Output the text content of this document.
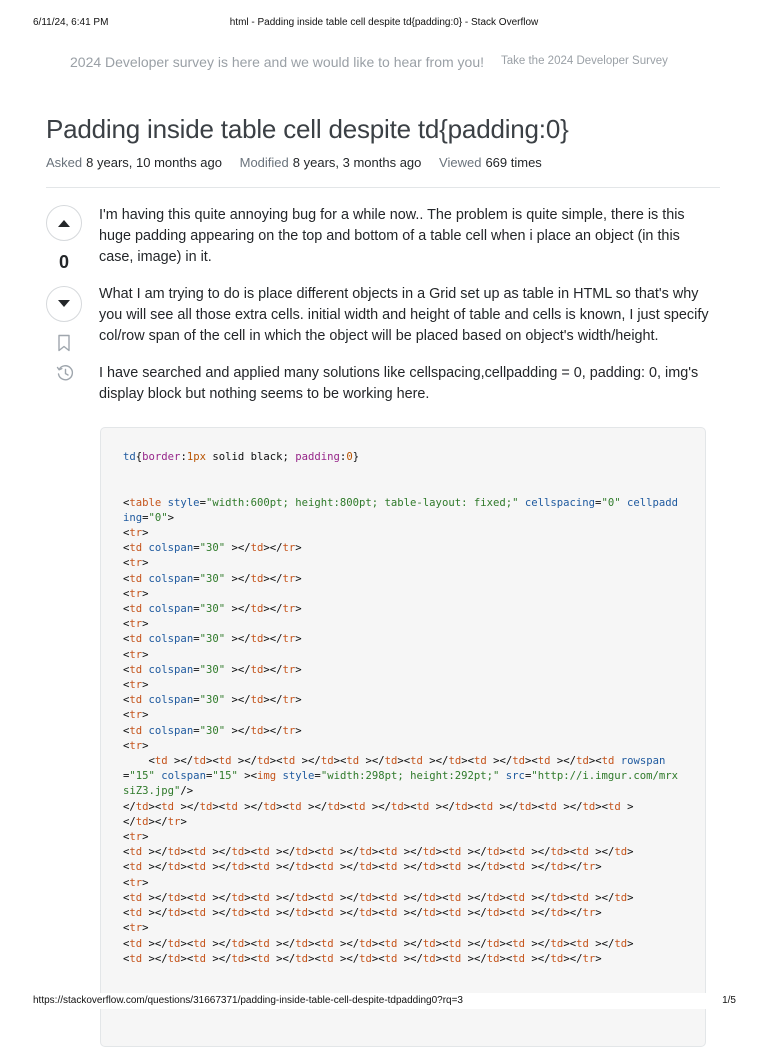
6/11/24, 6:41 PM	html - Padding inside table cell despite td{padding:0} - Stack Overflow
2024 Developer survey is here and we would like to hear from you! Take the 2024 Developer Survey
Padding inside table cell despite td{padding:0}
Asked 8 years, 10 months ago Modified 8 years, 3 months ago Viewed 669 times
0

I'm having this quite annoying bug for a while now.. The problem is quite simple, there is this huge padding appearing on the top and bottom of a table cell when i place an object (in this case, image) in it.

What I am trying to do is place different objects in a Grid set up as table in HTML so that's why you will see all those extra cells. initial width and height of table and cells is known, I just specify col/row span of the cell in which the object will be placed based on object's width/height.

I have searched and applied many solutions like cellspacing,cellpadding = 0, padding: 0, img's display block but nothing seems to be working here.

td{border:1px solid black; padding:0}

<table style="width:600pt; height:800pt; table-layout: fixed;" cellspacing="0" cellpadding="0">
<tr>
<td colspan="30" ></td></tr>
<tr>
<td colspan="30" ></td></tr>
<tr>
<td colspan="30" ></td></tr>
<tr>
<td colspan="30" ></td></tr>
<tr>
<td colspan="30" ></td></tr>
<tr>
<td colspan="30" ></td></tr>
<tr>
<td colspan="30" ></td></tr>
<tr>
<td ></td><td ></td><td ></td><td ></td><td ></td><td ></td><td ></td><td rowspan="15" colspan="15" ><img style="width:298pt; height:292pt;" src="http://i.imgur.com/mrxsiZ3.jpg"/>
</td><td ></td><td ></td><td ></td><td ></td><td ></td><td ></td><td ></td><td >
</td></tr>
<tr>
<td ></td><td ></td><td ></td><td ></td><td ></td><td ></td><td ></td><td ></td>
<td ></td><td ></td><td ></td><td ></td><td ></td><td ></td><td ></td></tr>
<tr>
<td ></td><td ></td><td ></td><td ></td><td ></td><td ></td><td ></td><td ></td>
<td ></td><td ></td><td ></td><td ></td><td ></td><td ></td><td ></td></tr>
<tr>
<td ></td><td ></td><td ></td><td ></td><td ></td><td ></td><td ></td><td ></td>
<td ></td><td ></td><td ></td><td ></td><td ></td><td ></td><td ></td></tr>
https://stackoverflow.com/questions/31667371/padding-inside-table-cell-despite-tdpadding0?rq=3	1/5
